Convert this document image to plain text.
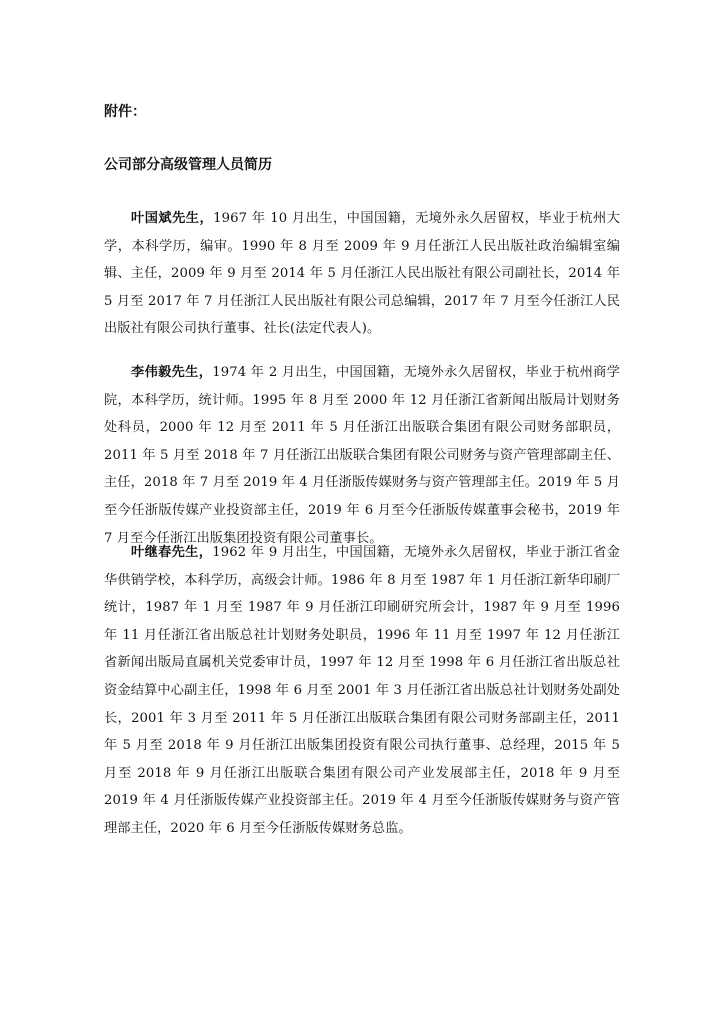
附件：
公司部分高级管理人员简历

叶国斌先生，1967 年 10 月出生，中国国籍，无境外永久居留权，毕业于杭州大学，本科学历，编审。1990 年 8 月至 2009 年 9 月任浙江人民出版社政治编辑室编辑、主任，2009 年 9 月至 2014 年 5 月任浙江人民出版社有限公司副社长，2014 年 5 月至 2017 年 7 月任浙江人民出版社有限公司总编辑，2017 年 7 月至今任浙江人民出版社有限公司执行董事、社长(法定代表人)。

李伟毅先生，1974 年 2 月出生，中国国籍，无境外永久居留权，毕业于杭州商学院，本科学历，统计师。1995 年 8 月至 2000 年 12 月任浙江省新闻出版局计划财务处科员，2000 年 12 月至 2011 年 5 月任浙江出版联合集团有限公司财务部职员，2011 年 5 月至 2018 年 7 月任浙江出版联合集团有限公司财务与资产管理部副主任、主任，2018 年 7 月至 2019 年 4 月任浙版传媒财务与资产管理部主任。2019 年 5 月至今任浙版传媒产业投资部主任，2019 年 6 月至今任浙版传媒董事会秘书，2019 年 7 月至今任浙江出版集团投资有限公司董事长。

叶继春先生，1962 年 9 月出生，中国国籍，无境外永久居留权，毕业于浙江省金华供销学校，本科学历，高级会计师。1986 年 8 月至 1987 年 1 月任浙江新华印刷厂统计，1987 年 1 月至 1987 年 9 月任浙江印刷研究所会计，1987 年 9 月至 1996 年 11 月任浙江省出版总社计划财务处职员，1996 年 11 月至 1997 年 12 月任浙江省新闻出版局直属机关党委审计员，1997 年 12 月至 1998 年 6 月任浙江省出版总社资金结算中心副主任，1998 年 6 月至 2001 年 3 月任浙江省出版总社计划财务处副处长，2001 年 3 月至 2011 年 5 月任浙江出版联合集团有限公司财务部副主任，2011 年 5 月至 2018 年 9 月任浙江出版集团投资有限公司执行董事、总经理，2015 年 5 月至 2018 年 9 月任浙江出版联合集团有限公司产业发展部主任，2018 年 9 月至 2019 年 4 月任浙版传媒产业投资部主任。2019 年 4 月至今任浙版传媒财务与资产管理部主任，2020 年 6 月至今任浙版传媒财务总监。
